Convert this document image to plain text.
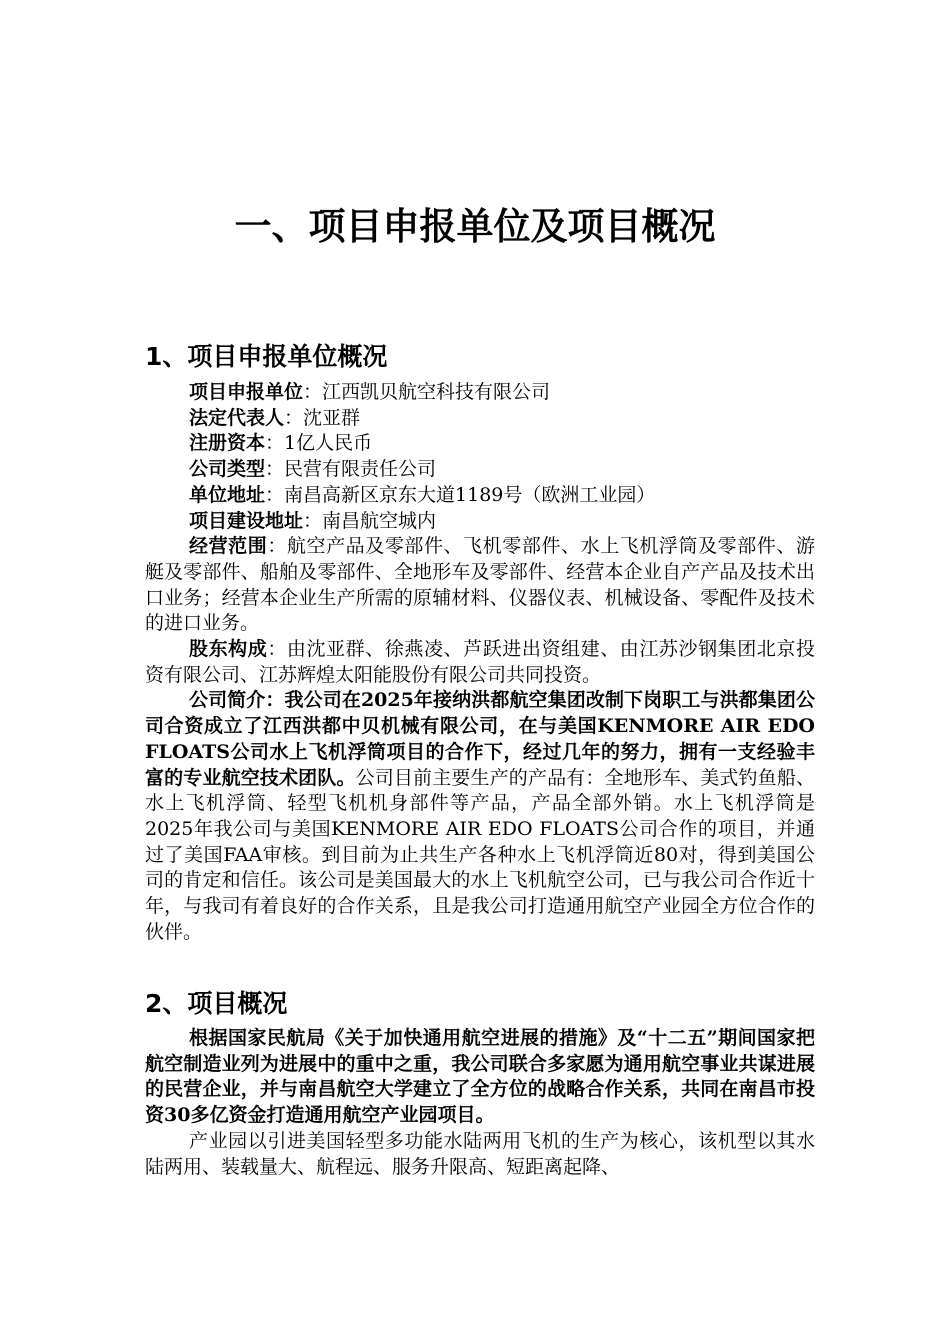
一、项目申报单位及项目概况
1、项目申报单位概况

项目申报单位：江西凯贝航空科技有限公司

法定代表人：沈亚群

注册资本：1亿人民币

公司类型：民营有限责任公司

单位地址：南昌高新区京东大道1189号（欧洲工业园）

项目建设地址：南昌航空城内

经营范围：航空产品及零部件、飞机零部件、水上飞机浮筒及零部件、游艇及零部件、船舶及零部件、全地形车及零部件、经营本企业自产产品及技术出口业务；经营本企业生产所需的原辅材料、仪器仪表、机械设备、零配件及技术的进口业务。

股东构成：由沈亚群、徐燕凌、芦跃进出资组建、由江苏沙钢集团北京投资有限公司、江苏辉煌太阳能股份有限公司共同投资。

公司简介：我公司在2025年接纳洪都航空集团改制下岗职工与洪都集团公司合资成立了江西洪都中贝机械有限公司，在与美国KENMORE AIR EDO FLOATS公司水上飞机浮筒项目的合作下，经过几年的努力，拥有一支经验丰富的专业航空技术团队。公司目前主要生产的产品有：全地形车、美式钓鱼船、水上飞机浮筒、轻型飞机机身部件等产品，产品全部外销。水上飞机浮筒是2025年我公司与美国KENMORE AIR EDO FLOATS公司合作的项目，并通过了美国FAA审核。到目前为止共生产各种水上飞机浮筒近80对，得到美国公司的肯定和信任。该公司是美国最大的水上飞机航空公司，已与我公司合作近十年，与我司有着良好的合作关系，且是我公司打造通用航空产业园全方位合作的伙伴。

2、项目概况

根据国家民航局《关于加快通用航空进展的措施》及“十二五”期间国家把航空制造业列为进展中的重中之重，我公司联合多家愿为通用航空事业共谋进展的民营企业，并与南昌航空大学建立了全方位的战略合作关系，共同在南昌市投资30多亿资金打造通用航空产业园项目。

产业园以引进美国轻型多功能水陆两用飞机的生产为核心，该机型以其水陆两用、装载量大、航程远、服务升限高、短距离起降、
